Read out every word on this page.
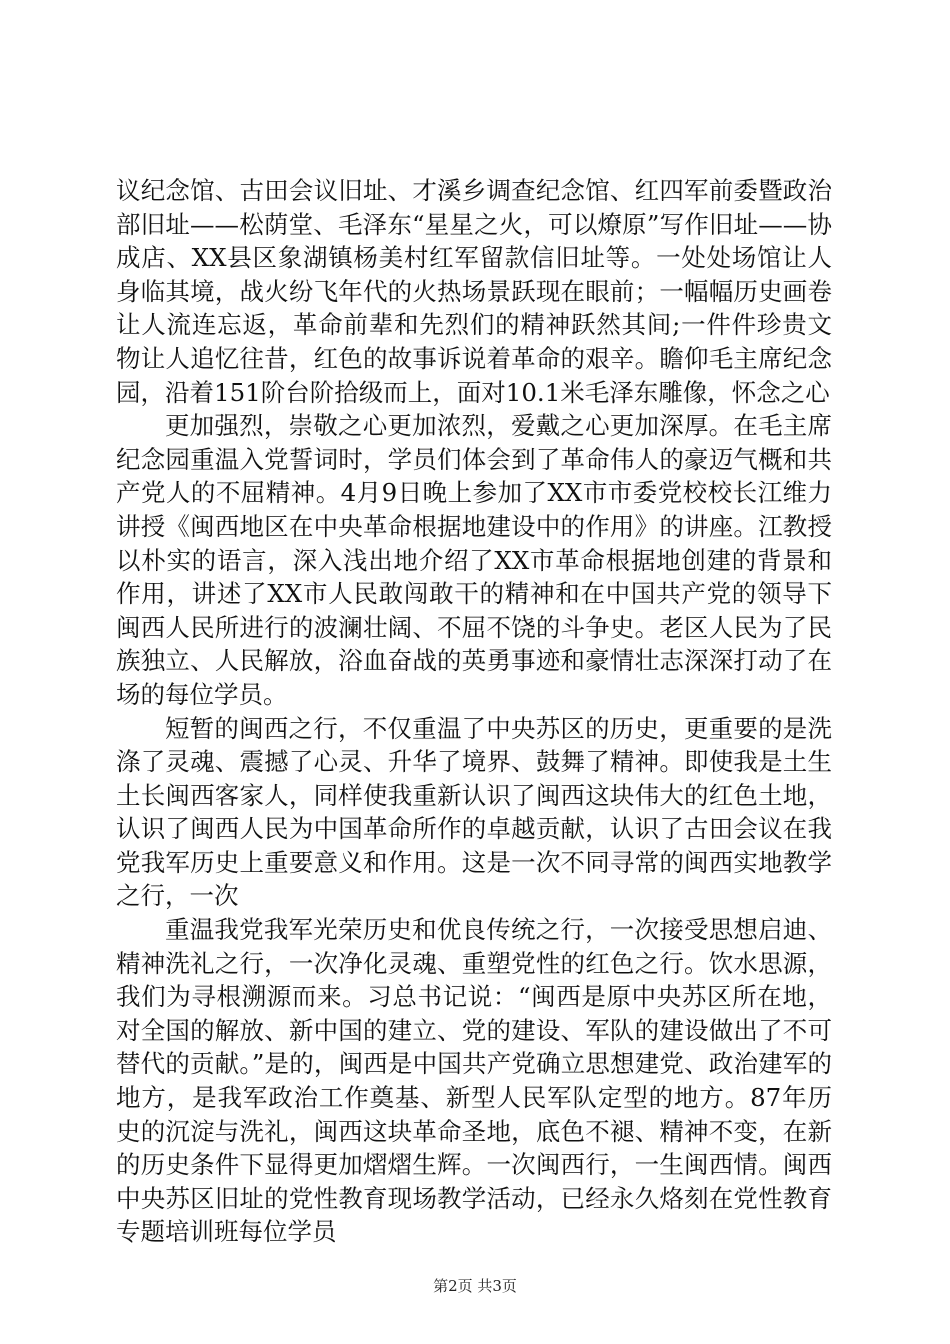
议纪念馆、古田会议旧址、才溪乡调查纪念馆、红四军前委暨政治部旧址——松荫堂、毛泽东“星星之火，可以燎原”写作旧址——协成店、XX县区象湖镇杨美村红军留款信旧址等。一处处场馆让人身临其境，战火纷飞年代的火热场景跃现在眼前；一幅幅历史画卷让人流连忘返，革命前辈和先烈们的精神跃然其间;一件件珍贵文物让人追忆往昔，红色的故事诉说着革命的艰辛。瞻仰毛主席纪念园，沿着151阶台阶拾级而上，面对10.1米毛泽东雕像，怀念之心

更加强烈，崇敬之心更加浓烈，爱戴之心更加深厚。在毛主席纪念园重温入党誓词时，学员们体会到了革命伟人的豪迈气概和共产党人的不屈精神。4月9日晚上参加了XX市市委党校校长江维力讲授《闽西地区在中央革命根据地建设中的作用》的讲座。江教授以朴实的语言，深入浅出地介绍了XX市革命根据地创建的背景和作用，讲述了XX市人民敢闯敢干的精神和在中国共产党的领导下闽西人民所进行的波澜壮阔、不屈不饶的斗争史。老区人民为了民族独立、人民解放，浴血奋战的英勇事迹和豪情壮志深深打动了在场的每位学员。

短暂的闽西之行，不仅重温了中央苏区的历史，更重要的是洗涤了灵魂、震撼了心灵、升华了境界、鼓舞了精神。即使我是土生土长闽西客家人，同样使我重新认识了闽西这块伟大的红色土地，认识了闽西人民为中国革命所作的卓越贡献，认识了古田会议在我党我军历史上重要意义和作用。这是一次不同寻常的闽西实地教学之行，一次

重温我党我军光荣历史和优良传统之行，一次接受思想启迪、精神洗礼之行，一次净化灵魂、重塑党性的红色之行。饮水思源，我们为寻根溯源而来。习总书记说：“闽西是原中央苏区所在地，对全国的解放、新中国的建立、党的建设、军队的建设做出了不可替代的贡献。”是的，闽西是中国共产党确立思想建党、政治建军的地方，是我军政治工作奠基、新型人民军队定型的地方。87年历史的沉淀与洗礼，闽西这块革命圣地，底色不褪、精神不变，在新的历史条件下显得更加熠熠生辉。一次闽西行，一生闽西情。闽西中央苏区旧址的党性教育现场教学活动，已经永久烙刻在党性教育专题培训班每位学员

第2页 共3页
